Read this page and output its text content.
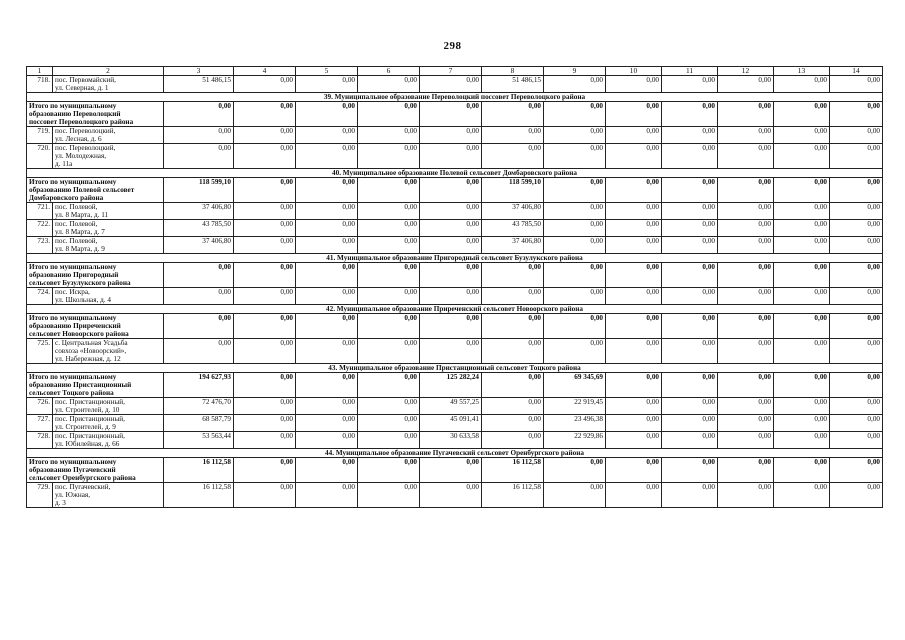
298
1	2	3	4	5	6	7	8	9	10	11	12	13	14
718.	пос. Первомайский,
ул. Северная, д. 1	51 486,15	0,00	0,00	0,00	0,00	51 486,15	0,00	0,00	0,00	0,00	0,00	0,00
39. Муниципальное образование Переволоцкий поссовет Переволоцкого района													

Итого по муниципальному
образованию Переволоцкий
поссовет Переволоцкого района		0,00	0,00	0,00	0,00	0,00	0,00	0,00	0,00	0,00	0,00	0,00	0,00
719.	пос. Переволоцкий,
ул. Лесная, д. 6	0,00	0,00	0,00	0,00	0,00	0,00	0,00	0,00	0,00	0,00	0,00	0,00
720.	пос. Переволоцкий,
ул. Молодежная,
д. 11а	0,00	0,00	0,00	0,00	0,00	0,00	0,00	0,00	0,00	0,00	0,00	0,00
40. Муниципальное образование Полевой сельсовет Домбаровского района													

Итого по муниципальному
образованию Полевой сельсовет
Домбаровского района		118 599,10	0,00	0,00	0,00	0,00	118 599,10	0,00	0,00	0,00	0,00	0,00	0,00
721.	пос. Полевой,
ул. 8 Марта, д. 11	37 406,80	0,00	0,00	0,00	0,00	37 406,80	0,00	0,00	0,00	0,00	0,00	0,00
722.	пос. Полевой,
ул. 8 Марта, д. 7	43 785,50	0,00	0,00	0,00	0,00	43 785,50	0,00	0,00	0,00	0,00	0,00	0,00
723.	пос. Полевой,
ул. 8 Марта, д. 9	37 406,80	0,00	0,00	0,00	0,00	37 406,80	0,00	0,00	0,00	0,00	0,00	0,00
41. Муниципальное образование Пригородный сельсовет Бузулукского района													

Итого по муниципальному
образованию Пригородный
сельсовет Бузулукского района		0,00	0,00	0,00	0,00	0,00	0,00	0,00	0,00	0,00	0,00	0,00	0,00
724.	пос. Искра,
ул. Школьная, д. 4	0,00	0,00	0,00	0,00	0,00	0,00	0,00	0,00	0,00	0,00	0,00	0,00
42. Муниципальное образование Приреченский сельсовет Новоорского района													

Итого по муниципальному
образованию Приреченский
сельсовет Новоорского района		0,00	0,00	0,00	0,00	0,00	0,00	0,00	0,00	0,00	0,00	0,00	0,00
725.	с. Центральная Усадьба
совхоза «Новоорский»,
ул. Набережная, д. 12	0,00	0,00	0,00	0,00	0,00	0,00	0,00	0,00	0,00	0,00	0,00	0,00
43. Муниципальное образование Пристанционный сельсовет Тоцкого района													

Итого по муниципальному
образованию Пристанционный
сельсовет Тоцкого района		194 627,93	0,00	0,00	0,00	125 282,24	0,00	69 345,69	0,00	0,00	0,00	0,00	0,00
726.	пос. Пристанционный,
ул. Строителей, д. 10	72 476,70	0,00	0,00	0,00	49 557,25	0,00	22 919,45	0,00	0,00	0,00	0,00	0,00
727.	пос. Пристанционный,
ул. Строителей, д. 9	68 587,79	0,00	0,00	0,00	45 091,41	0,00	23 496,38	0,00	0,00	0,00	0,00	0,00
728.	пос. Пристанционный,
ул. Юбилейная, д. 66	53 563,44	0,00	0,00	0,00	30 633,58	0,00	22 929,86	0,00	0,00	0,00	0,00	0,00
44. Муниципальное образование Пугачевский сельсовет Оренбургского района													

Итого по муниципальному
образованию Пугачевский
сельсовет Оренбургского района		16 112,58	0,00	0,00	0,00	0,00	16 112,58	0,00	0,00	0,00	0,00	0,00	0,00
729.	пос. Пугачевский,
ул. Южная,
д. 3	16 112,58	0,00	0,00	0,00	0,00	16 112,58	0,00	0,00	0,00	0,00	0,00	0,00
